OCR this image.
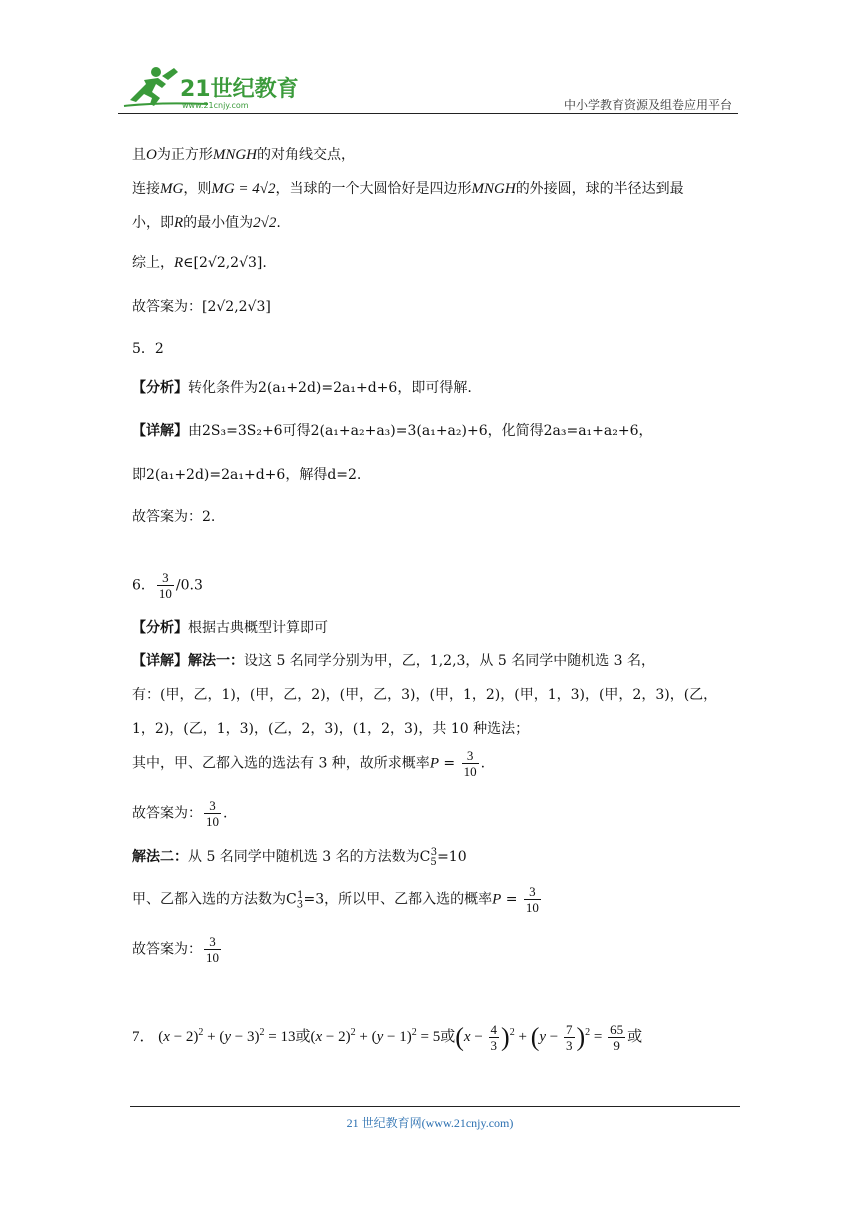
21世纪教育
www.21cnjy.com	中小学教育资源及组卷应用平台
且O为正方形MNGH的对角线交点，
连接MG，则MG = 4√2，当球的一个大圆恰好是四边形MNGH的外接圆，球的半径达到最
小，即R的最小值为2√2.
综上，R∈[2√2,2√3].
故答案为：[2√2,2√3]
5．2
【分析】转化条件为2(a₁+2d)=2a₁+d+6，即可得解.
【详解】由2S₃=3S₂+6可得2(a₁+a₂+a₃)=3(a₁+a₂)+6，化简得2a₃=a₁+a₂+6，
即2(a₁+2d)=2a₁+d+6，解得d=2.
故答案为：2.
6． $\frac{3}{10} /0.3$
【分析】根据古典概型计算即可
【详解】解法一：设这 5 名同学分别为甲，乙，1,2,3，从 5 名同学中随机选 3 名，
有：(甲，乙，1)，(甲，乙，2)，(甲，乙，3)，(甲，1，2)，(甲，1，3)，(甲，2，3)，(乙，
1，2)，(乙，1，3)，(乙，2，3)，(1，2，3)，共 10 种选法；
其中，甲、乙都入选的选法有 3 种，故所求概率$P = \frac{3}{10}$ .
故答案为： $\frac{3}{10}$ .
解法二：从 5 名同学中随机选 3 名的方法数为$C_5^3=10$
甲、乙都入选的方法数为$C_3^1=3$，所以甲、乙都入选的概率$P = \frac{3}{10}$
故答案为： $\frac{3}{10}$
7． $(x - 2)^2 + (y - 3)^2 = 13$或$(x - 2)^2 + (y - 1)^2 = 5$或$(x - \frac{4}{3} )^2 + (y - \frac{7}{3} )^2 = \frac{65}{9}$ 或
21 世纪教育网(www.21cnjy.com)
